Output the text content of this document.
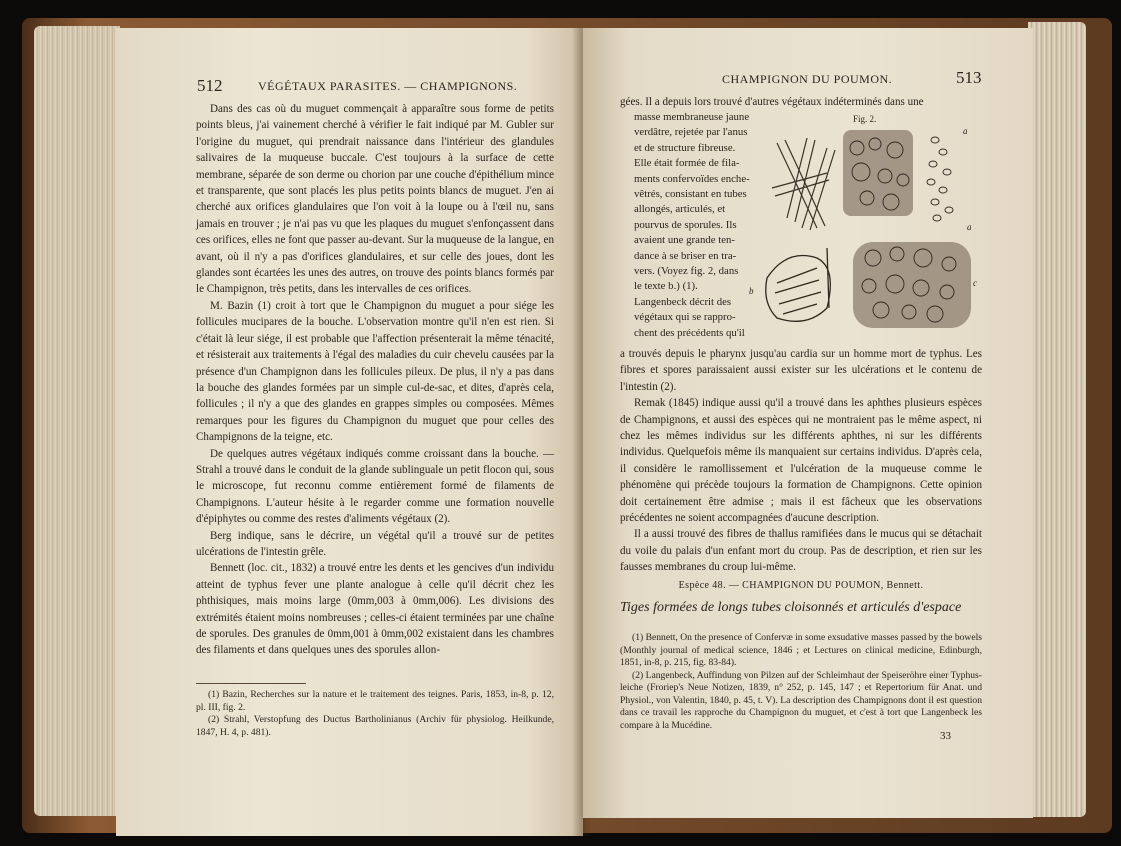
512	VÉGÉTAUX PARASITES. — CHAMPIGNONS.

Dans des cas où du muguet commençait à apparaître sous forme de petits points bleus, j'ai vainement cherché à vérifier le fait indiqué par M. Gubler sur l'origine du muguet, qui prendrait naissance dans l'intérieur des glandules salivaires de la muqueuse buccale. C'est toujours à la surface de cette membrane, séparée de son derme ou chorion par une couche d'épithélium mince et transparente, que sont placés les plus petits points blancs de muguet. J'en ai cherché aux orifices glandulaires que l'on voit à la loupe ou à l'œil nu, sans jamais en trouver ; je n'ai pas vu que les plaques du muguet s'enfonçassent dans ces orifices, elles ne font que passer au-devant. Sur la muqueuse de la langue, en avant, où il n'y a pas d'orifices glandulaires, et sur celle des joues, dont les glandes sont écartées les unes des autres, on trouve des points blancs formés par le Champignon, très petits, dans les intervalles de ces orifices.

M. Bazin (1) croit à tort que le Champignon du muguet a pour siége les follicules mucipares de la bouche. L'observation montre qu'il n'en est rien. Si c'était là leur siége, il est probable que l'affection présenterait la même ténacité, et résisterait aux traitements à l'égal des maladies du cuir chevelu causées par la présence d'un Champignon dans les follicules pileux. De plus, il n'y a pas dans la bouche des glandes formées par un simple cul-de-sac, et dites, d'après cela, follicules ; il n'y a que des glandes en grappes simples ou composées. Mêmes remarques pour les figures du Champignon du muguet que pour celles des Champignons de la teigne, etc.

De quelques autres végétaux indiqués comme croissant dans la bouche. — Strahl a trouvé dans le conduit de la glande sublinguale un petit flocon qui, sous le microscope, fut reconnu comme entièrement formé de filaments de Champignons. L'auteur hésite à le regarder comme une formation nouvelle d'épiphytes ou comme des restes d'aliments végétaux (2).

Berg indique, sans le décrire, un végétal qu'il a trouvé sur de petites ulcérations de l'intestin grêle.

Bennett (loc. cit., 1832) a trouvé entre les dents et les gencives d'un individu atteint de typhus fever une plante analogue à celle qu'il décrit chez les phthisiques, mais moins large (0mm,003 à 0mm,006). Les divisions des extrémités étaient moins nombreuses ; celles-ci étaient terminées par une chaîne de sporules. Des granules de 0mm,001 à 0mm,002 existaient dans les chambres des filaments et dans quelques unes des sporules allon-

(1) Bazin, Recherches sur la nature et le traitement des teignes. Paris, 1853, in-8, p. 12, pl. III, fig. 2.

(2) Strahl, Verstopfung des Ductus Bartholinianus (Archiv für physiolog. Heilkunde, 1847, H. 4, p. 481).

CHAMPIGNON DU POUMON.	513
gées. Il a depuis lors trouvé d'autres végétaux indéterminés dans une

masse membraneuse jaune

verdâtre, rejetée par l'anus

et de structure fibreuse.

Elle était formée de fila-

ments confervoïdes enche-

vêtrés, consistant en tubes

allongés, articulés, et

pourvus de sporules. Ils

avaient une grande ten-

dance à se briser en tra-

vers. (Voyez fig. 2, dans

le texte b.) (1).

Langenbeck décrit des

végétaux qui se rappro-

chent des précédents qu'il

Fig. 2.
a
a
b
c

a trouvés depuis le pharynx jusqu'au cardia sur un homme mort de typhus. Les fibres et spores paraissaient aussi exister sur les ulcérations et le contenu de l'intestin (2).

Remak (1845) indique aussi qu'il a trouvé dans les aphthes plusieurs espèces de Champignons, et aussi des espèces qui ne montraient pas le même aspect, ni chez les mêmes individus sur les différents aphthes, ni sur les différents individus. Quelquefois même ils manquaient sur certains individus. D'après cela, il considère le ramollissement et l'ulcération de la muqueuse comme le phénomène qui précède toujours la formation de Champignons. Cette opinion doit certainement être admise ; mais il est fâcheux que les observations précédentes ne soient accompagnées d'aucune description.

Il a aussi trouvé des fibres de thallus ramifiées dans le mucus qui se détachait du voile du palais d'un enfant mort du croup. Pas de description, et rien sur les fausses membranes du croup lui-même.

Espèce 48. — CHAMPIGNON DU POUMON, Bennett.
Tiges formées de longs tubes cloisonnés et articulés d'espace

(1) Bennett, On the presence of Confervæ in some exsudative masses passed by the bowels (Monthly journal of medical science, 1846 ; et Lectures on clinical medicine, Edinburgh, 1851, in-8, p. 215, fig. 83-84).

(2) Langenbeck, Auffindung von Pilzen auf der Schleimhaut der Speiseröhre einer Typhus-leiche (Froriep's Neue Notizen, 1839, n° 252, p. 145, 147 ; et Repertorium für Anat. und Physiol., von Valentin, 1840, p. 45, t. V). La description des Champignons dont il est question dans ce travail les rapproche du Champignon du muguet, et c'est à tort que Langenbeck les compare à la Mucédine.

33
